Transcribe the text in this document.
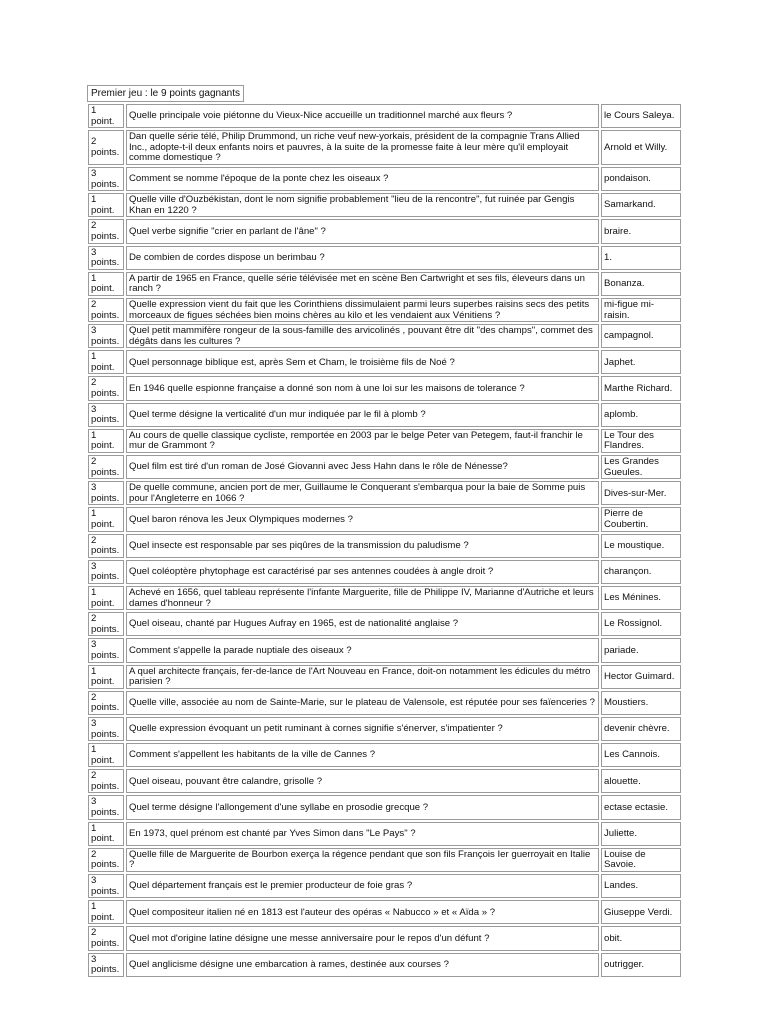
Premier jeu : le 9 points gagnants
1 point.	Quelle principale voie piétonne du Vieux-Nice accueille un traditionnel marché aux fleurs ?	le Cours Saleya.
2 points.	Dan quelle série télé, Philip Drummond, un riche veuf new-yorkais, président de la compagnie Trans Allied Inc., adopte-t-il deux enfants noirs et pauvres, à la suite de la promesse faite à leur mère qu'il employait comme domestique ?	Arnold et Willy.
3 points.	Comment se nomme l'époque de la ponte chez les oiseaux ?	pondaison.
1 point.	Quelle ville d'Ouzbékistan, dont le nom signifie probablement "lieu de la rencontre", fut ruinée par Gengis Khan en 1220 ?	Samarkand.
2 points.	Quel verbe signifie "crier en parlant de l'âne" ?	braire.
3 points.	De combien de cordes dispose un berimbau ?	1.
1 point.	A partir de 1965 en France, quelle série télévisée met en scène Ben Cartwright et ses fils, éleveurs dans un ranch ?	Bonanza.
2 points.	Quelle expression vient du fait que les Corinthiens dissimulaient parmi leurs superbes raisins secs des petits morceaux de figues séchées bien moins chères au kilo et les vendaient aux Vénitiens ?	mi-figue mi-raisin.
3 points.	Quel petit mammifère rongeur de la sous-famille des arvicolinés , pouvant être dit "des champs", commet des dégâts dans les cultures ?	campagnol.
1 point.	Quel personnage biblique est, après Sem et Cham, le troisième fils de Noé ?	Japhet.
2 points.	En 1946 quelle espionne française a donné son nom à une loi sur les maisons de tolerance ?	Marthe Richard.
3 points.	Quel terme désigne la verticalité d'un mur indiquée par le fil à plomb ?	aplomb.
1 point.	Au cours de quelle classique cycliste, remportée en 2003 par le belge Peter van Petegem, faut-il franchir le mur de Grammont ?	Le Tour des Flandres.
2 points.	Quel film est tiré d'un roman de José Giovanni avec Jess Hahn dans le rôle de Nénesse?	Les Grandes Gueules.
3 points.	De quelle commune, ancien port de mer, Guillaume le Conquerant s'embarqua pour la baie de Somme puis pour l'Angleterre en 1066 ?	Dives-sur-Mer.
1 point.	Quel baron rénova les Jeux Olympiques modernes ?	Pierre de Coubertin.
2 points.	Quel insecte est responsable par ses piqûres de la transmission du paludisme ?	Le moustique.
3 points.	Quel coléoptère phytophage est caractérisé par ses antennes coudées à angle droit ?	charançon.
1 point.	Achevé en 1656, quel tableau représente l'infante Marguerite, fille de Philippe IV, Marianne d'Autriche et leurs dames d'honneur ?	Les Ménines.
2 points.	Quel oiseau, chanté par Hugues Aufray en 1965, est de nationalité anglaise ?	Le Rossignol.
3 points.	Comment s'appelle la parade nuptiale des oiseaux ?	pariade.
1 point.	A quel architecte français, fer-de-lance de l'Art Nouveau en France, doit-on notamment les édicules du métro parisien ?	Hector Guimard.
2 points.	Quelle ville, associée au nom de Sainte-Marie, sur le plateau de Valensole, est réputée pour ses faïenceries ?	Moustiers.
3 points.	Quelle expression évoquant un petit ruminant à cornes signifie s'énerver, s'impatienter ?	devenir chèvre.
1 point.	Comment s'appellent les habitants de la ville de Cannes ?	Les Cannois.
2 points.	Quel oiseau, pouvant être calandre, grisolle ?	alouette.
3 points.	Quel terme désigne l'allongement d'une syllabe en prosodie grecque ?	ectase ectasie.
1 point.	En 1973, quel prénom est chanté par Yves Simon dans "Le Pays" ?	Juliette.
2 points.	Quelle fille de Marguerite de Bourbon exerça la régence pendant que son fils François Ier guerroyait en Italie ?	Louise de Savoie.
3 points.	Quel département français est le premier producteur de foie gras ?	Landes.
1 point.	Quel compositeur italien né en 1813 est l'auteur des opéras « Nabucco » et « Aïda » ?	Giuseppe Verdi.
2 points.	Quel mot d'origine latine désigne une messe anniversaire pour le repos d'un défunt ?	obit.
3 points.	Quel anglicisme désigne une embarcation à rames, destinée aux courses ?	outrigger.
